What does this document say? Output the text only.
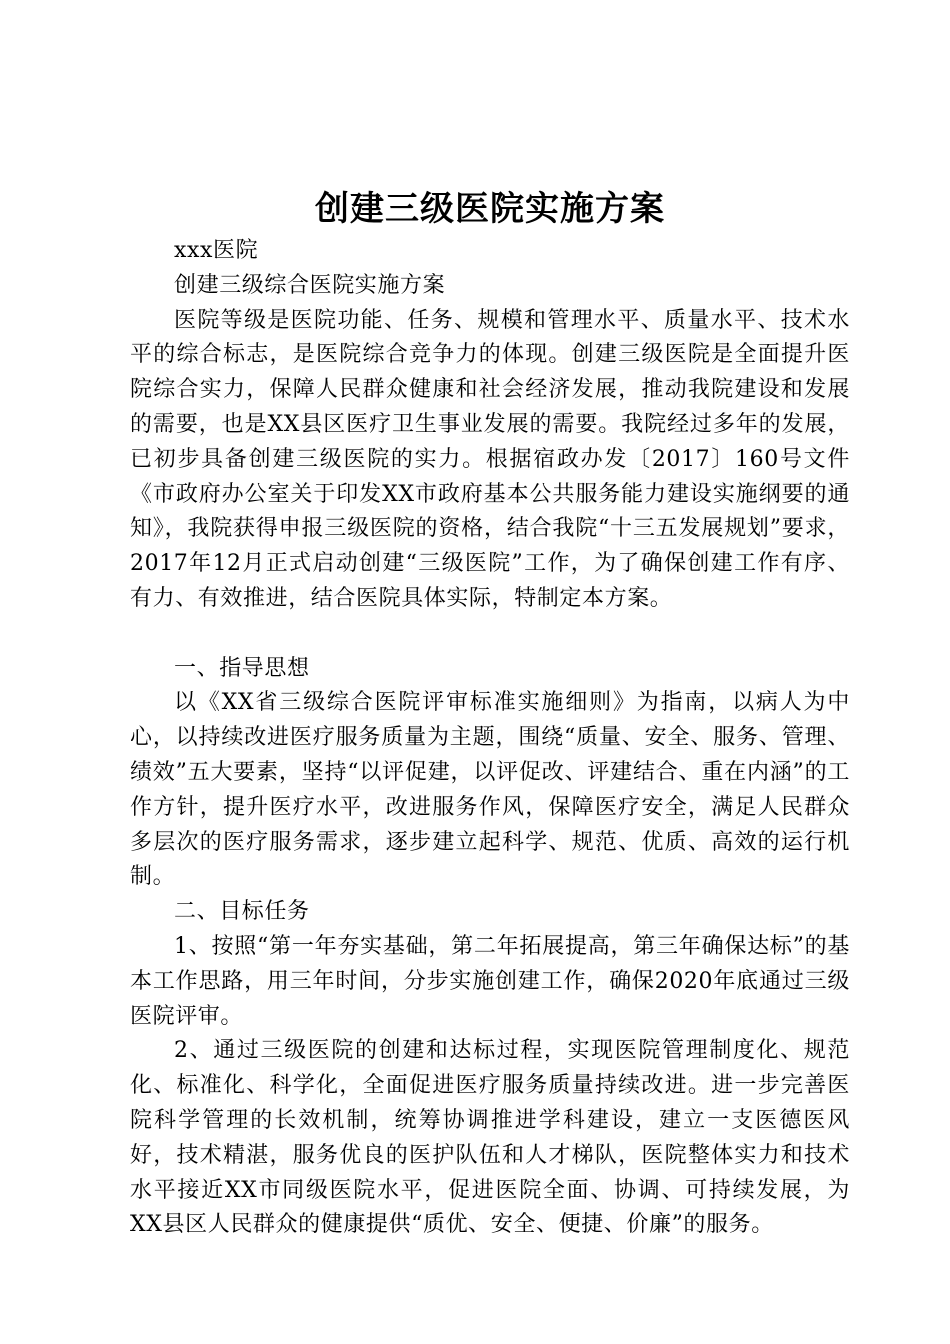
创建三级医院实施方案

xxx医院

创建三级综合医院实施方案

医院等级是医院功能、任务、规模和管理水平、质量水平、技术水平的综合标志，是医院综合竞争力的体现。创建三级医院是全面提升医院综合实力，保障人民群众健康和社会经济发展，推动我院建设和发展的需要，也是XX县区医疗卫生事业发展的需要。我院经过多年的发展，已初步具备创建三级医院的实力。根据宿政办发〔2017〕160号文件《市政府办公室关于印发XX市政府基本公共服务能力建设实施纲要的通知》，我院获得申报三级医院的资格，结合我院“十三五发展规划”要求，2017年12月正式启动创建“三级医院”工作，为了确保创建工作有序、有力、有效推进，结合医院具体实际，特制定本方案。

一、指导思想

以《XX省三级综合医院评审标准实施细则》为指南，以病人为中心，以持续改进医疗服务质量为主题，围绕“质量、安全、服务、管理、绩效”五大要素，坚持“以评促建，以评促改、评建结合、重在内涵”的工作方针，提升医疗水平，改进服务作风，保障医疗安全，满足人民群众多层次的医疗服务需求，逐步建立起科学、规范、优质、高效的运行机制。

二、目标任务

1、按照“第一年夯实基础，第二年拓展提高，第三年确保达标”的基本工作思路，用三年时间，分步实施创建工作，确保2020年底通过三级医院评审。

2、通过三级医院的创建和达标过程，实现医院管理制度化、规范化、标准化、科学化，全面促进医疗服务质量持续改进。进一步完善医院科学管理的长效机制，统筹协调推进学科建设，建立一支医德医风好，技术精湛，服务优良的医护队伍和人才梯队，医院整体实力和技术水平接近XX市同级医院水平，促进医院全面、协调、可持续发展，为XX县区人民群众的健康提供“质优、安全、便捷、价廉”的服务。
